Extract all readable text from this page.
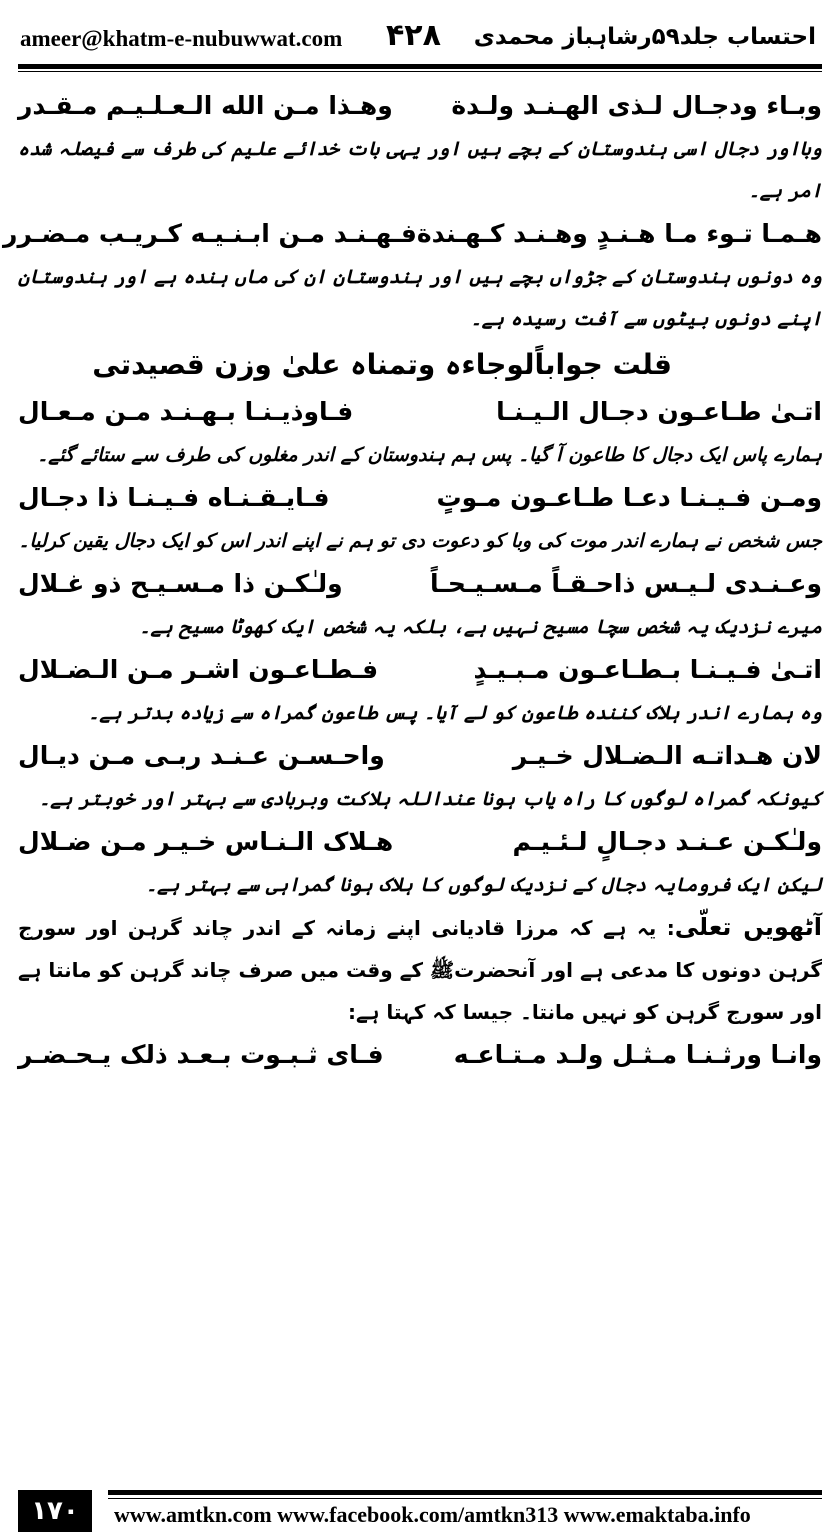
ameer@khatm-e-nubuwwat.com ۴۲۸ احتساب جلد۵۹رشاہباز محمدی
وبـاء ودجـال لـذی الهـنـد ولـدة
وهـذا مـن الله الـعـلـيـم مـقـدر
وبااور دجال اسی ہندوستان کے بچے ہیں اور یہی بات خدائے علیم کی طرف سے فیصلہ شدہ امر ہے۔
هـمـا تـوء مـا هـنـدٍ وهـنـد كـهـندة
فـهـنـد مـن ابـنـيـه كـريـب مـضـرر
وہ دونوں ہندوستان کے جڑواں بچے ہیں اور ہندوستان ان کی ماں ہندہ ہے اور ہندوستان اپنے دونوں بیٹوں سے آفت رسیدہ ہے۔
قلت جواباًلوجاءہ وتمناہ علیٰ وزن قصیدتی
اتـیٰ طـاعـون دجـال الـيـنـا
فـاوذيـنـا بـهـنـد مـن مـعـال
ہمارے پاس ایک دجال کا طاعون آ گیا۔ پس ہم ہندوستان کے اندر مغلوں کی طرف سے ستائے گئے۔
ومـن فـيـنـا دعـا طـاعـون مـوتٍ
فـايـقـنـاه فـيـنـا ذا دجـال
جس شخص نے ہمارے اندر موت کی وبا کو دعوت دی تو ہم نے اپنے اندر اس کو ایک دجال یقین کرلیا۔
وعـنـدی لـيـس ذاحـقـاً مـسـيـحـاً
ولـٰكـن ذا مـسـيـح ذو غـلال
میرے نزدیک یہ شخص سچا مسیح نہیں ہے، بلکہ یہ شخص ایک کھوٹا مسیح ہے۔
اتـیٰ فـيـنـا بـطـاعـون مـبـيـدٍ
فـطـاعـون اشـر مـن الـضـلال
وہ ہمارے اندر ہلاک کنندہ طاعون کو لے آیا۔ پس طاعون گمراہ سے زیادہ بدتر ہے۔
لان هـداتـه الـضـلال خـيـر
واحـسـن عـنـد ربـی مـن ديـال
کیونکہ گمراہ لوگوں کا راہ یاب ہونا عنداللہ ہلاکت وبربادی سے بہتر اور خوبتر ہے۔
ولـٰكـن عـنـد دجـالٍ لـئـيـم
هـلاک الـنـاس خـيـر مـن ضـلال
لیکن ایک فرومایہ دجال کے نزدیک لوگوں کا ہلاک ہونا گمراہی سے بہتر ہے۔
آٹھویں تعلّی: یہ ہے کہ مرزا قادیانی اپنے زمانہ کے اندر چاند گرہن اور سورج گرہن دونوں کا مدعی ہے اور آنحضرتﷺ کے وقت میں صرف چاند گرہن کو مانتا ہے اور سورج گرہن کو نہیں مانتا۔ جیسا کہ کہتا ہے:
وانـا ورثـنـا مـثـل ولـد مـتـاعـه
فـای ثـبـوت بـعـد ذلک يـحـضـر
۱۷۰	www.amtkn.com www.facebook.com/amtkn313 www.emaktaba.info
